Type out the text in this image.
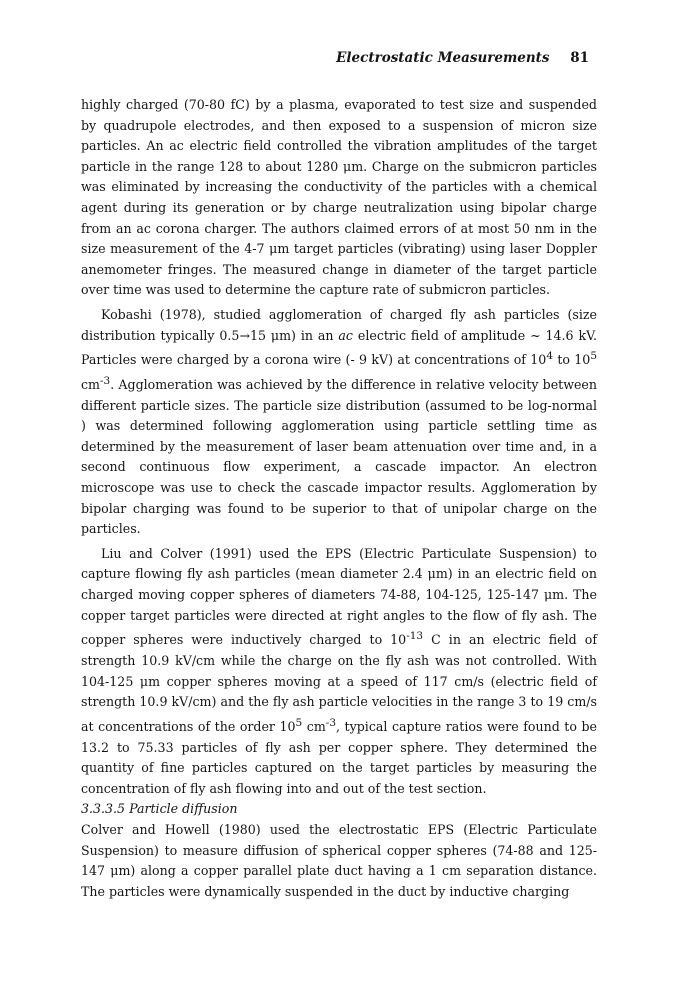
Electrostatic Measurements 81

highly charged (70-80 fC) by a plasma, evaporated to test size and suspended by quadrupole electrodes, and then exposed to a suspension of micron size particles. An ac electric field controlled the vibration amplitudes of the target particle in the range 128 to about 1280 μm. Charge on the submicron particles was eliminated by increasing the conductivity of the particles with a chemical agent during its generation or by charge neutralization using bipolar charge from an ac corona charger. The authors claimed errors of at most 50 nm in the size measurement of the 4-7 μm target particles (vibrating) using laser Doppler anemometer fringes. The measured change in diameter of the target particle over time was used to determine the capture rate of submicron particles.

Kobashi (1978), studied agglomeration of charged fly ash particles (size distribution typically 0.5→15 μm) in an ac electric field of amplitude ~ 14.6 kV. Particles were charged by a corona wire (- 9 kV) at concentrations of $10^4$ to $10^5$ $cm^{-3}$. Agglomeration was achieved by the difference in relative velocity between different particle sizes. The particle size distribution (assumed to be log-normal ) was determined following agglomeration using particle settling time as determined by the measurement of laser beam attenuation over time and, in a second continuous flow experiment, a cascade impactor. An electron microscope was use to check the cascade impactor results. Agglomeration by bipolar charging was found to be superior to that of unipolar charge on the particles.

Liu and Colver (1991) used the EPS (Electric Particulate Suspension) to capture flowing fly ash particles (mean diameter 2.4 μm) in an electric field on charged moving copper spheres of diameters 74-88, 104-125, 125-147 μm. The copper target particles were directed at right angles to the flow of fly ash. The copper spheres were inductively charged to $10^{-13}$ C in an electric field of strength 10.9 kV/cm while the charge on the fly ash was not controlled. With 104-125 μm copper spheres moving at a speed of 117 cm/s (electric field of strength 10.9 kV/cm) and the fly ash particle velocities in the range 3 to 19 cm/s at concentrations of the order $10^5$ $cm^{-3}$, typical capture ratios were found to be 13.2 to 75.33 particles of fly ash per copper sphere. They determined the quantity of fine particles captured on the target particles by measuring the concentration of fly ash flowing into and out of the test section.

3.3.3.5 Particle diffusion

Colver and Howell (1980) used the electrostatic EPS (Electric Particulate Suspension) to measure diffusion of spherical copper spheres (74-88 and 125-147 μm) along a copper parallel plate duct having a 1 cm separation distance. The particles were dynamically suspended in the duct by inductive charging
